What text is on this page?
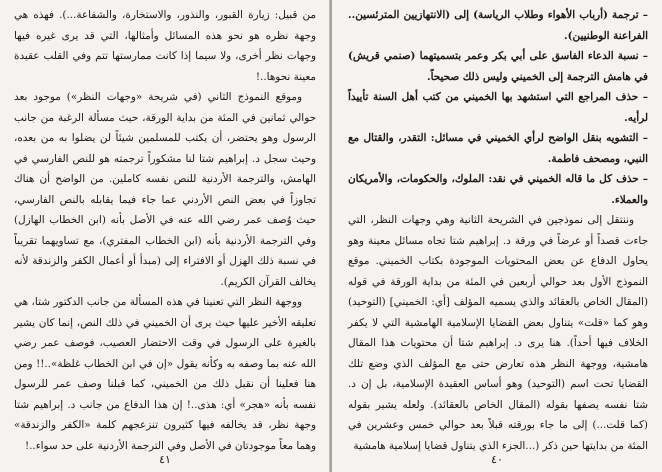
من قبيل: زيارة القبور، والنذور، والاستخارة، والشفاعة...). فهذه هي وجهة نظره هو نحو هذه المسائل وأمثالها، التي قد يرى غيره فيها وجهات نظر أخرى، ولا سيما إذا كانت ممارستها تتم وفي القلب عقيدة معينة نحوها..!

وموقع النموذج الثاني (في شريحة «وجهات النظر») موجود بعد حوالي ثمانين في المئة من بداية الورقة، حيث مسألة الرغبة من جانب الرسول وهو يحتضر، أن يكتب للمسلمين شيئاً لن يضلوا به من بعده، وحيث سجل د. إبراهيم شتا لنا مشكوراً ترجمته هو للنص الفارسي في الهامش، والترجمة الأردنية للنص نفسه كاملين. من الواضح أن هناك تجاوزاً في بعض النص الأردني عما جاء فيما يقابله بالنص الفارسي، حيث وُصف عمر رضي الله عنه في الأصل بأنه (ابن الخطاب الهازل) وفي الترجمة الأردنية بأنه (ابن الخطاب المفتري)، مع تساويهما تقريباً في نسبة ذلك الهزل أو الافتراء إلى (مبدأ أو أعمال الكفر والزندقة لأنه يخالف القرآن الكريم).

ووجهة النظر التي تعنينا في هذه المسألة من جانب الدكتور شتا، هي تعليقه الأخير عليها حيث يرى أن الخميني في ذلك النص، إنما كان يشير بالغيرة على الرسول في وقت الاحتضار العصيب، فوصف عمر رضي الله عنه بما وصفه به وكأنه يقول «إن في ابن الخطاب غلظة»..!! ومن هنا فعلينا أن نقبل ذلك من الخميني، كما قبلنا وصف عمر للرسول نفسه بأنه «هجر» أي: هذى..! إن هذا الدفاع من جانب د. إبراهيم شتا وجهة نظر، قد يخالفه فيها كثيرون تنزعجهم كلمة «الكفر والزندقة» وهما معاً موجودتان في الأصل وفي الترجمة الأردنية على حد سواء..!

٤١

– ترجمة (أرباب الأهواء وطلاب الرياسة) إلى (الانتهازيين المترئسين.. الفراعنة الوطنيين).

– نسبة الدعاء الفاسق على أبي بكر وعمر بتسميتهما (صنمي قريش) في هامش الترجمة إلى الخميني وليس ذلك صحيحاً.

– حذف المراجع التي استشهد بها الخميني من كتب أهل السنة تأييداً لرأيه.

– التشويه بنقل الواضح لرأي الخميني في مسائل: التقدر، والقتال مع النبي، ومصحف فاطمة.

– حذف كل ما قاله الخميني في نقد: الملوك، والحكومات، والأمريكان والعملاء.

وننتقل إلى نموذجين في الشريحة الثانية وهي وجهات النظر، التي جاءت قصداً أو عرضاً في ورقة د. إبراهيم شتا تجاه مسائل معينة وهو يحاول الدفاع عن بعض المحتويات الموجودة بكتاب الخميني. موقع النموذج الأول بعد حوالي أربعين في المئة من بداية الورقة في قوله (المقال الخاص بالعقائد والذي يسميه المؤلف [أي: الخميني] (التوحيد) وهو كما «قلت» يتناول بعض القضايا الإسلامية الهامشية التي لا يكفر الخلاف فيها أحداً). هنا يرى د. إبراهيم شتا أن محتويات هذا المقال هامشية، ووجهة النظر هذه تعارض حتى مع المؤلف الذي وضع تلك القضايا تحت اسم (التوحيد) وهو أساس العقيدة الإسلامية، بل إن د. شتا نفسه يصفها بقوله (المقال الخاص بالعقائد). ولعله يشير بقوله (كما قلت...) إلى ما جاء بورقته قبلاً بعد حوالي خمس وعشرين في المئة من بدايتها حين ذكر (...الجزء الذي يتناول قضايا إسلامية هامشية

٤٠
